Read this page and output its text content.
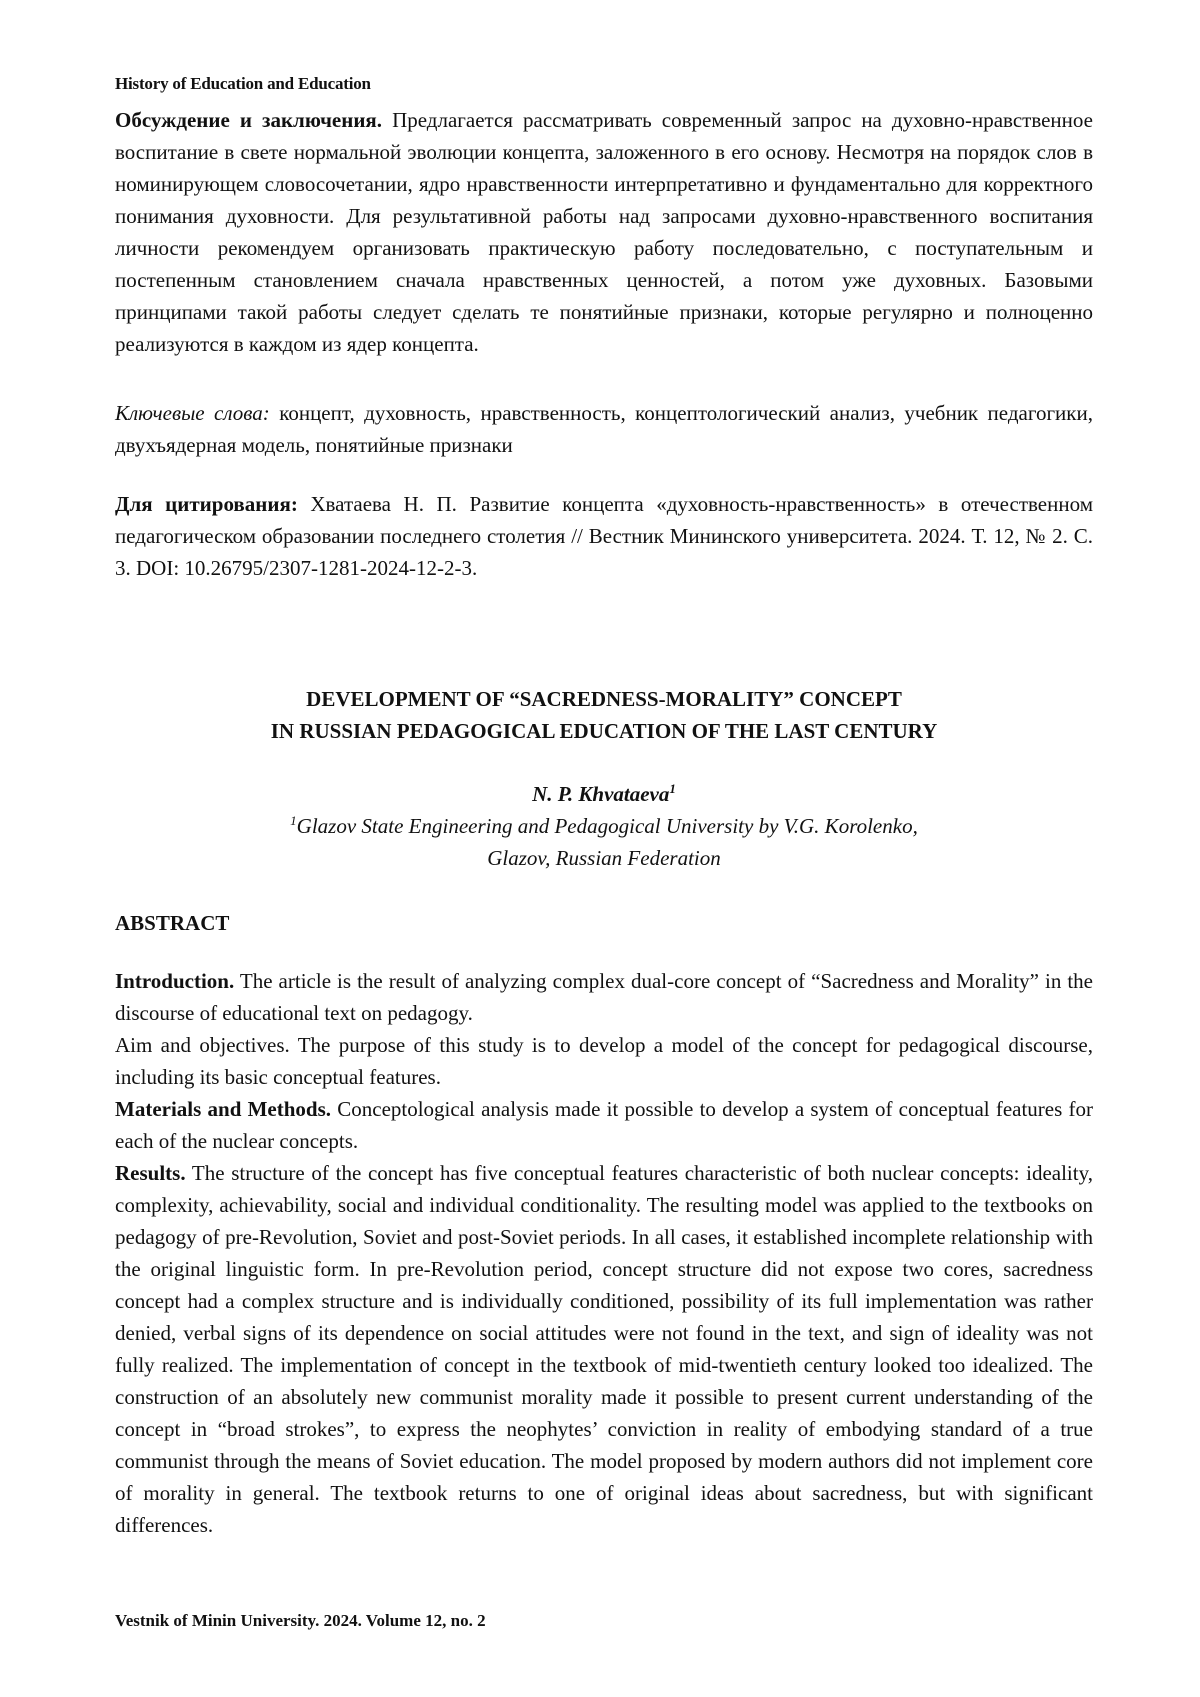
History of Education and Education

Обсуждение и заключения. Предлагается рассматривать современный запрос на духовно-нравственное воспитание в свете нормальной эволюции концепта, заложенного в его основу. Несмотря на порядок слов в номинирующем словосочетании, ядро нравственности интерпретативно и фундаментально для корректного понимания духовности. Для результативной работы над запросами духовно-нравственного воспитания личности рекомендуем организовать практическую работу последовательно, с поступательным и постепенным становлением сначала нравственных ценностей, а потом уже духовных. Базовыми принципами такой работы следует сделать те понятийные признаки, которые регулярно и полноценно реализуются в каждом из ядер концепта.

Ключевые слова: концепт, духовность, нравственность, концептологический анализ, учебник педагогики, двухъядерная модель, понятийные признаки

Для цитирования: Хватаева Н. П. Развитие концепта «духовность-нравственность» в отечественном педагогическом образовании последнего столетия // Вестник Мининского университета. 2024. Т. 12, № 2. С. 3. DOI: 10.26795/2307-1281-2024-12-2-3.

DEVELOPMENT OF “SACREDNESS-MORALITY” CONCEPT
IN RUSSIAN PEDAGOGICAL EDUCATION OF THE LAST CENTURY
N. P. Khvataeva$^1$
$^1$Glazov State Engineering and Pedagogical University by V.G. Korolenko,
Glazov, Russian Federation
ABSTRACT

Introduction. The article is the result of analyzing complex dual-core concept of “Sacredness and Morality” in the discourse of educational text on pedagogy.

Aim and objectives. The purpose of this study is to develop a model of the concept for pedagogical discourse, including its basic conceptual features.

Materials and Methods. Conceptological analysis made it possible to develop a system of conceptual features for each of the nuclear concepts.

Results. The structure of the concept has five conceptual features characteristic of both nuclear concepts: ideality, complexity, achievability, social and individual conditionality. The resulting model was applied to the textbooks on pedagogy of pre-Revolution, Soviet and post-Soviet periods. In all cases, it established incomplete relationship with the original linguistic form. In pre-Revolution period, concept structure did not expose two cores, sacredness concept had a complex structure and is individually conditioned, possibility of its full implementation was rather denied, verbal signs of its dependence on social attitudes were not found in the text, and sign of ideality was not fully realized. The implementation of concept in the textbook of mid-twentieth century looked too idealized. The construction of an absolutely new communist morality made it possible to present current understanding of the concept in “broad strokes”, to express the neophytes’ conviction in reality of embodying standard of a true communist through the means of Soviet education. The model proposed by modern authors did not implement core of morality in general. The textbook returns to one of original ideas about sacredness, but with significant differences.

Vestnik of Minin University. 2024. Volume 12, no. 2
